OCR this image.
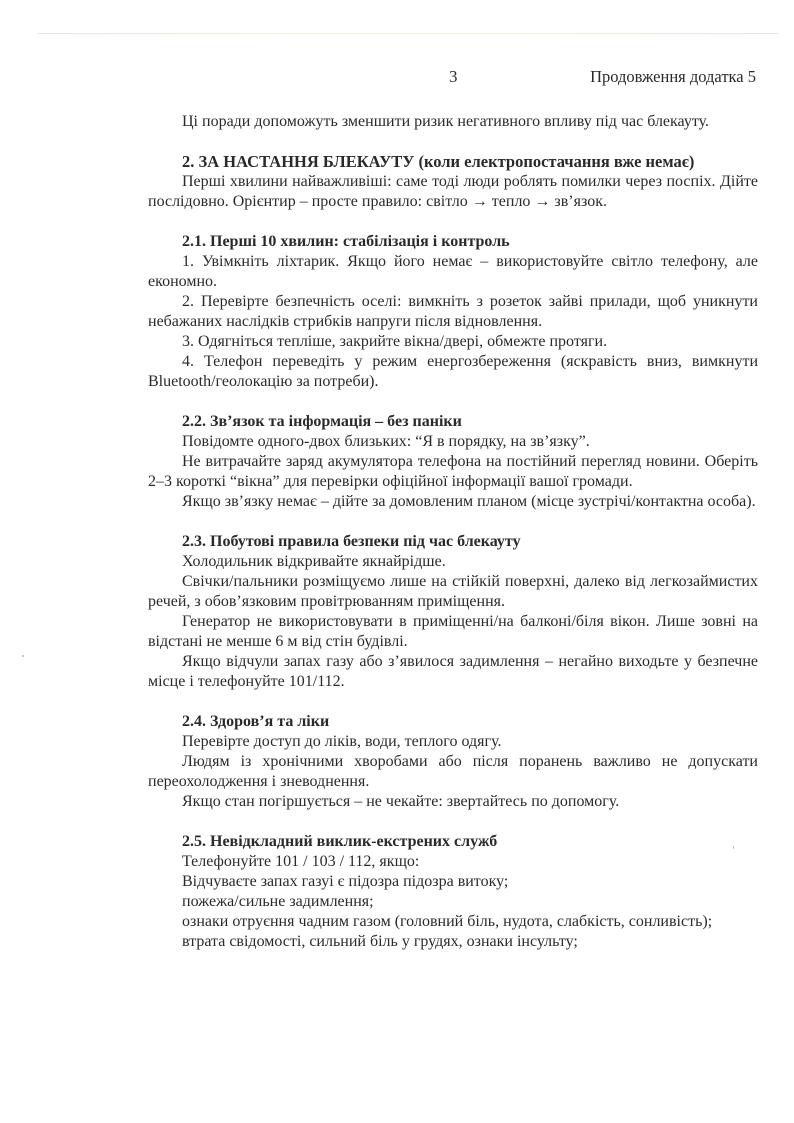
3	Продовження додатка 5

Ці поради допоможуть зменшити ризик негативного впливу під час блекауту.

2. ЗА НАСТАННЯ БЛЕКАУТУ (коли електропостачання вже немає)

Перші хвилини найважливіші: саме тоді люди роблять помилки через поспіх. Дійте послідовно. Орієнтир – просте правило: світло → тепло → зв’язок.

2.1. Перші 10 хвилин: стабілізація і контроль

1. Увімкніть ліхтарик. Якщо його немає – використовуйте світло телефону, але економно.

2. Перевірте безпечність оселі: вимкніть з розеток зайві прилади, щоб уникнути небажаних наслідків стрибків напруги після відновлення.

3. Одягніться тепліше, закрийте вікна/двері, обмежте протяги.

4. Телефон переведіть у режим енергозбереження (яскравість вниз, вимкнути Bluetooth/геолокацію за потреби).

2.2. Зв’язок та інформація – без паніки

Повідомте одного-двох близьких: “Я в порядку, на зв’язку”.

Не витрачайте заряд акумулятора телефона на постійний перегляд новини. Оберіть 2–3 короткі “вікна” для перевірки офіційної інформації вашої громади.

Якщо зв’язку немає – дійте за домовленим планом (місце зустрічі/контактна особа).

2.3. Побутові правила безпеки під час блекауту

Холодильник відкривайте якнайрідше.

Свічки/пальники розміщуємо лише на стійкій поверхні, далеко від легкозаймистих речей, з обов’язковим провітрюванням приміщення.

Генератор не використовувати в приміщенні/на балконі/біля вікон. Лише зовні на відстані не менше 6 м від стін будівлі.

Якщо відчули запах газу або з’явилося задимлення – негайно виходьте у безпечне місце і телефонуйте 101/112.

2.4. Здоров’я та ліки

Перевірте доступ до ліків, води, теплого одягу.

Людям із хронічними хворобами або після поранень важливо не допускати переохолодження і зневоднення.

Якщо стан погіршується – не чекайте: звертайтесь по допомогу.

2.5. Невідкладний виклик-екстрених служб

Телефонуйте 101 / 103 / 112, якщо:

Відчуваєте запах газуі є підозра підозра витоку;

пожежа/сильне задимлення;

ознаки отруєння чадним газом (головний біль, нудота, слабкість, сонливість);

втрата свідомості, сильний біль у грудях, ознаки інсульту;
